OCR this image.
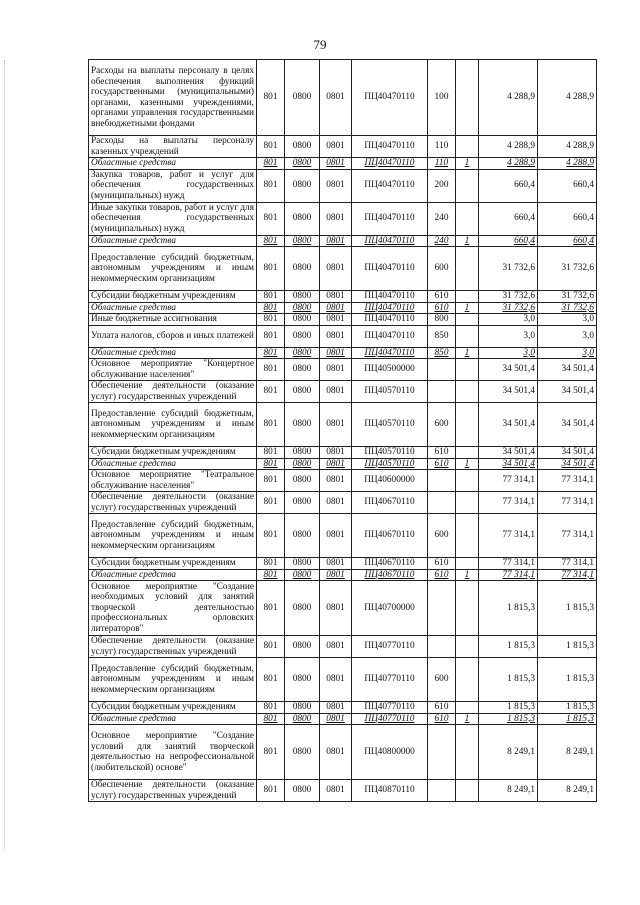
79
Расходы на выплаты персоналу в целях обеспечения выполнения функций государственными (муниципальными) органами, казенными учреждениями, органами управления государственными внебюджетными фондами	801	0800	0801	ПЦ40470110	100		4 288,9	4 288,9
Расходы на выплаты персоналу казенных учреждений	801	0800	0801	ПЦ40470110	110		4 288,9	4 288,9
Областные средства	801	0800	0801	ПЦ40470110	110	1	4 288,9	4 288,9
Закупка товаров, работ и услуг для обеспечения государственных (муниципальных) нужд	801	0800	0801	ПЦ40470110	200		660,4	660,4
Иные закупки товаров, работ и услуг для обеспечения государственных (муниципальных) нужд	801	0800	0801	ПЦ40470110	240		660,4	660,4
Областные средства	801	0800	0801	ПЦ40470110	240	1	660,4	660,4
Предоставление субсидий бюджетным, автономным учреждениям и иным некоммерческим организациям	801	0800	0801	ПЦ40470110	600		31 732,6	31 732,6
Субсидии бюджетным учреждениям	801	0800	0801	ПЦ40470110	610		31 732,6	31 732,6
Областные средства	801	0800	0801	ПЦ40470110	610	1	31 732,6	31 732,6
Иные бюджетные ассигнования	801	0800	0801	ПЦ40470110	800		3,0	3,0
Уплата налогов, сборов и иных платежей	801	0800	0801	ПЦ40470110	850		3,0	3,0
Областные средства	801	0800	0801	ПЦ40470110	850	1	3,0	3,0
Основное мероприятие "Концертное обслуживание населения"	801	0800	0801	ПЦ40500000			34 501,4	34 501,4
Обеспечение деятельности (оказание услуг) государственных учреждений	801	0800	0801	ПЦ40570110			34 501,4	34 501,4
Предоставление субсидий бюджетным, автономным учреждениям и иным некоммерческим организациям	801	0800	0801	ПЦ40570110	600		34 501,4	34 501,4
Субсидии бюджетным учреждениям	801	0800	0801	ПЦ40570110	610		34 501,4	34 501,4
Областные средства	801	0800	0801	ПЦ40570110	610	1	34 501,4	34 501,4
Основное мероприятие "Театральное обслуживание населения"	801	0800	0801	ПЦ40600000			77 314,1	77 314,1
Обеспечение деятельности (оказание услуг) государственных учреждений	801	0800	0801	ПЦ40670110			77 314,1	77 314,1
Предоставление субсидий бюджетным, автономным учреждениям и иным некоммерческим организациям	801	0800	0801	ПЦ40670110	600		77 314,1	77 314,1
Субсидии бюджетным учреждениям	801	0800	0801	ПЦ40670110	610		77 314,1	77 314,1
Областные средства	801	0800	0801	ПЦ40670110	610	1	77 314,1	77 314,1
Основное мероприятие "Создание необходимых условий для занятий творческой деятельностью профессиональных орловских литераторов"	801	0800	0801	ПЦ40700000			1 815,3	1 815,3
Обеспечение деятельности (оказание услуг) государственных учреждений	801	0800	0801	ПЦ40770110			1 815,3	1 815,3
Предоставление субсидий бюджетным, автономным учреждениям и иным некоммерческим организациям	801	0800	0801	ПЦ40770110	600		1 815,3	1 815,3
Субсидии бюджетным учреждениям	801	0800	0801	ПЦ40770110	610		1 815,3	1 815,3
Областные средства	801	0800	0801	ПЦ40770110	610	1	1 815,3	1 815,3
Основное мероприятие "Создание условий для занятий творческой деятельностью на непрофессиональной (любительской) основе"	801	0800	0801	ПЦ40800000			8 249,1	8 249,1
Обеспечение деятельности (оказание услуг) государственных учреждений	801	0800	0801	ПЦ40870110			8 249,1	8 249,1
